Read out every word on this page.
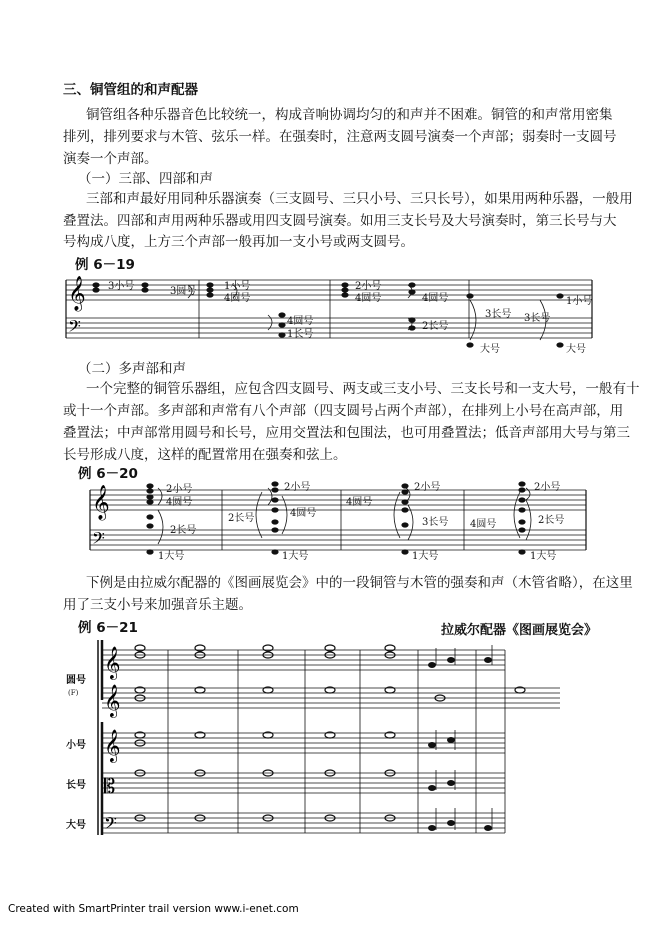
三、铜管组的和声配器
铜管组各种乐器音色比较统一，构成音响协调均匀的和声并不困难。铜管的和声常用密集
排列，排列要求与木管、弦乐一样。在强奏时，注意两支圆号演奏一个声部；弱奏时一支圆号
演奏一个声部。
（一）三部、四部和声
三部和声最好用同种乐器演奏（三支圆号、三只小号、三只长号），如果用两种乐器，一般用
叠置法。四部和声用两种乐器或用四支圆号演奏。如用三支长号及大号演奏时，第三长号与大
号构成八度，上方三个声部一般再加一支小号或两支圆号。
例 6－19
（二）多声部和声
一个完整的铜管乐器组，应包含四支圆号、两支或三支小号、三支长号和一支大号，一般有十
或十一个声部。多声部和声常有八个声部（四支圆号占两个声部），在排列上小号在高声部，用
叠置法；中声部常用圆号和长号，应用交置法和包围法，也可用叠置法；低音声部用大号与第三
长号形成八度，这样的配置常用在强奏和弦上。
例 6－20
下例是由拉威尔配器的《图画展览会》中的一段铜管与木管的强奏和声（木管省略），在这里
用了三支小号来加强音乐主题。
例 6－21	拉威尔配器《图画展览会》
Created with SmartPrinter trail version www.i-enet.com
𝄞
𝄢
3小号	3圆号	1小号
4圆号
4圆号
1长号
2小号
4圆号	4圆号
2长号
3长号
大号
1小号
3长号
大号
𝄞
𝄢
2小号
4圆号
2长号
1大号
2小号
2长号	4圆号
1大号
2小号
4圆号
3长号
1大号
2小号
4圆号	2长号
1大号
𝄞
𝄞
𝄞
𝄡
𝄢
圆号
(F)
小号
长号
大号
